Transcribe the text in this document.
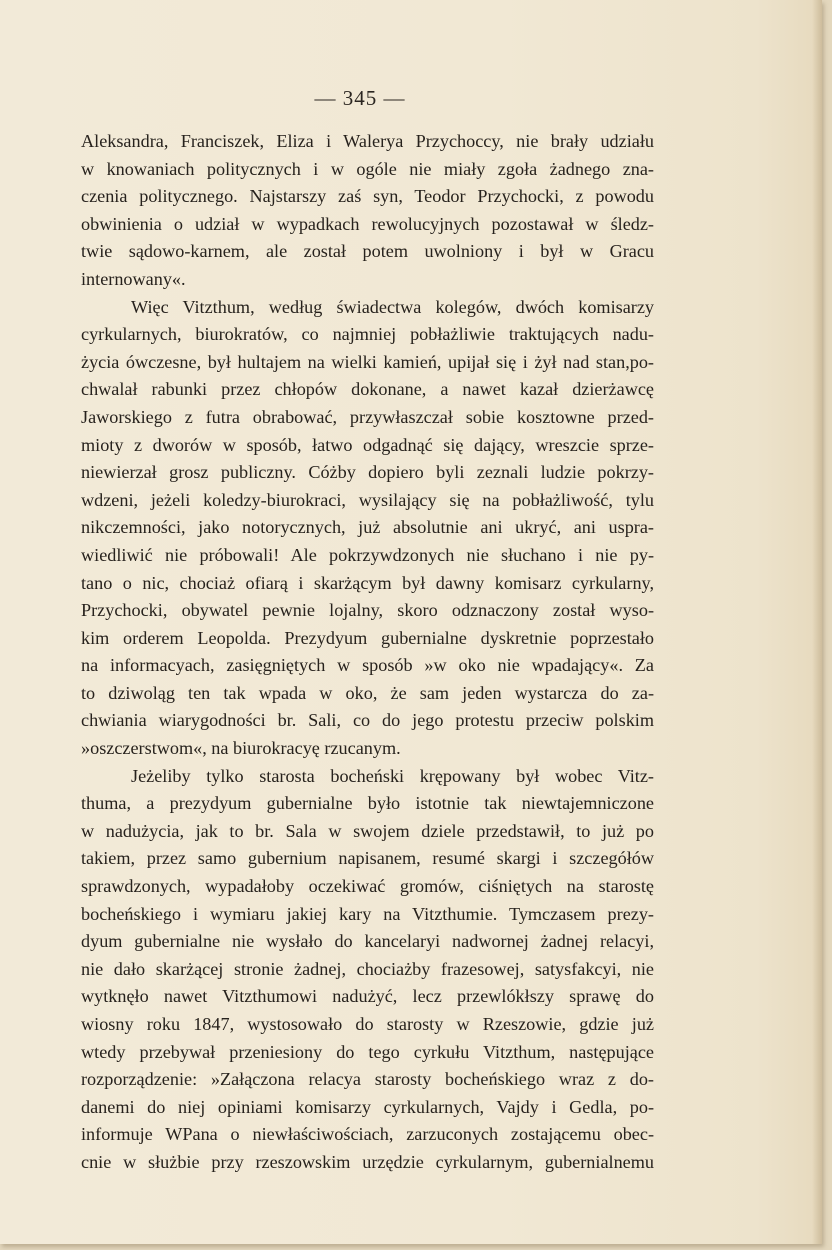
— 345 —

Aleksandra, Franciszek, Eliza i Walerya Przychoccy, nie brały udziału
w knowaniach politycznych i w ogóle nie miały zgoła żadnego zna-
czenia politycznego. Najstarszy zaś syn, Teodor Przychocki, z powodu
obwinienia o udział w wypadkach rewolucyjnych pozostawał w śledz-
twie sądowo-karnem, ale został potem uwolniony i był w Gracu
internowany«.
Więc Vitzthum, według świadectwa kolegów, dwóch komisarzy
cyrkularnych, biurokratów, co najmniej pobłażliwie traktujących nadu-
życia ówczesne, był hultajem na wielki kamień, upijał się i żył nad stan,po-
chwalał rabunki przez chłopów dokonane, a nawet kazał dzierżawcę
Jaworskiego z futra obrabować, przywłaszczał sobie kosztowne przed-
mioty z dworów w sposób, łatwo odgadnąć się dający, wreszcie sprze-
niewierzał grosz publiczny. Cóżby dopiero byli zeznali ludzie pokrzy-
wdzeni, jeżeli koledzy-biurokraci, wysilający się na pobłażliwość, tylu
nikczemności, jako notorycznych, już absolutnie ani ukryć, ani uspra-
wiedliwić nie próbowali! Ale pokrzywdzonych nie słuchano i nie py-
tano o nic, chociaż ofiarą i skarżącym był dawny komisarz cyrkularny,
Przychocki, obywatel pewnie lojalny, skoro odznaczony został wyso-
kim orderem Leopolda. Prezydyum gubernialne dyskretnie poprzestało
na informacyach, zasięgniętych w sposób »w oko nie wpadający«. Za
to dziwoląg ten tak wpada w oko, że sam jeden wystarcza do za-
chwiania wiarygodności br. Sali, co do jego protestu przeciw polskim
»oszczerstwom«, na biurokracyę rzucanym.
Jeżeliby tylko starosta bocheński krępowany był wobec Vitz-
thuma, a prezydyum gubernialne było istotnie tak niewtajemniczone
w nadużycia, jak to br. Sala w swojem dziele przedstawił, to już po
takiem, przez samo gubernium napisanem, resumé skargi i szczegółów
sprawdzonych, wypadałoby oczekiwać gromów, ciśniętych na starostę
bocheńskiego i wymiaru jakiej kary na Vitzthumie. Tymczasem prezy-
dyum gubernialne nie wysłało do kancelaryi nadwornej żadnej relacyi,
nie dało skarżącej stronie żadnej, chociażby frazesowej, satysfakcyi, nie
wytknęło nawet Vitzthumowi nadużyć, lecz przewlókłszy sprawę do
wiosny roku 1847, wystosowało do starosty w Rzeszowie, gdzie już
wtedy przebywał przeniesiony do tego cyrkułu Vitzthum, następujące
rozporządzenie: »Załączona relacya starosty bocheńskiego wraz z do-
danemi do niej opiniami komisarzy cyrkularnych, Vajdy i Gedla, po-
informuje WPana o niewłaściwościach, zarzuconych zostającemu obec-
cnie w służbie przy rzeszowskim urzędzie cyrkularnym, gubernialnemu
